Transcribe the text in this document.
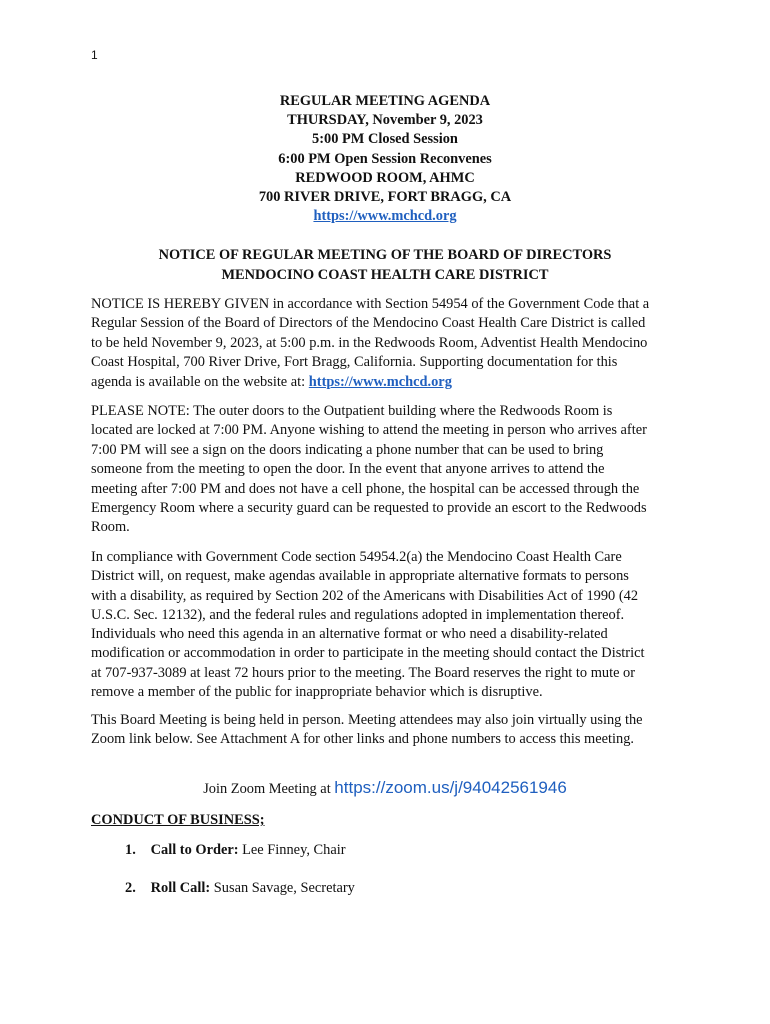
1
REGULAR MEETING AGENDA
THURSDAY, November 9, 2023
5:00 PM Closed Session
6:00 PM Open Session Reconvenes
REDWOOD ROOM, AHMC
700 RIVER DRIVE, FORT BRAGG, CA
https://www.mchcd.org
NOTICE OF REGULAR MEETING OF THE BOARD OF DIRECTORS
MENDOCINO COAST HEALTH CARE DISTRICT
NOTICE IS HEREBY GIVEN in accordance with Section 54954 of the Government Code that a
Regular Session of the Board of Directors of the Mendocino Coast Health Care District is called
to be held November 9, 2023, at 5:00 p.m. in the Redwoods Room, Adventist Health Mendocino
Coast Hospital, 700 River Drive, Fort Bragg, California. Supporting documentation for this
agenda is available on the website at: https://www.mchcd.org
PLEASE NOTE: The outer doors to the Outpatient building where the Redwoods Room is
located are locked at 7:00 PM. Anyone wishing to attend the meeting in person who arrives after
7:00 PM will see a sign on the doors indicating a phone number that can be used to bring
someone from the meeting to open the door. In the event that anyone arrives to attend the
meeting after 7:00 PM and does not have a cell phone, the hospital can be accessed through the
Emergency Room where a security guard can be requested to provide an escort to the Redwoods
Room.
In compliance with Government Code section 54954.2(a) the Mendocino Coast Health Care
District will, on request, make agendas available in appropriate alternative formats to persons
with a disability, as required by Section 202 of the Americans with Disabilities Act of 1990 (42
U.S.C. Sec. 12132), and the federal rules and regulations adopted in implementation thereof.
Individuals who need this agenda in an alternative format or who need a disability-related
modification or accommodation in order to participate in the meeting should contact the District
at 707-937-3089 at least 72 hours prior to the meeting. The Board reserves the right to mute or
remove a member of the public for inappropriate behavior which is disruptive.
This Board Meeting is being held in person. Meeting attendees may also join virtually using the
Zoom link below. See Attachment A for other links and phone numbers to access this meeting.
Join Zoom Meeting at https://zoom.us/j/94042561946
CONDUCT OF BUSINESS;
1. Call to Order: Lee Finney, Chair
2. Roll Call: Susan Savage, Secretary
